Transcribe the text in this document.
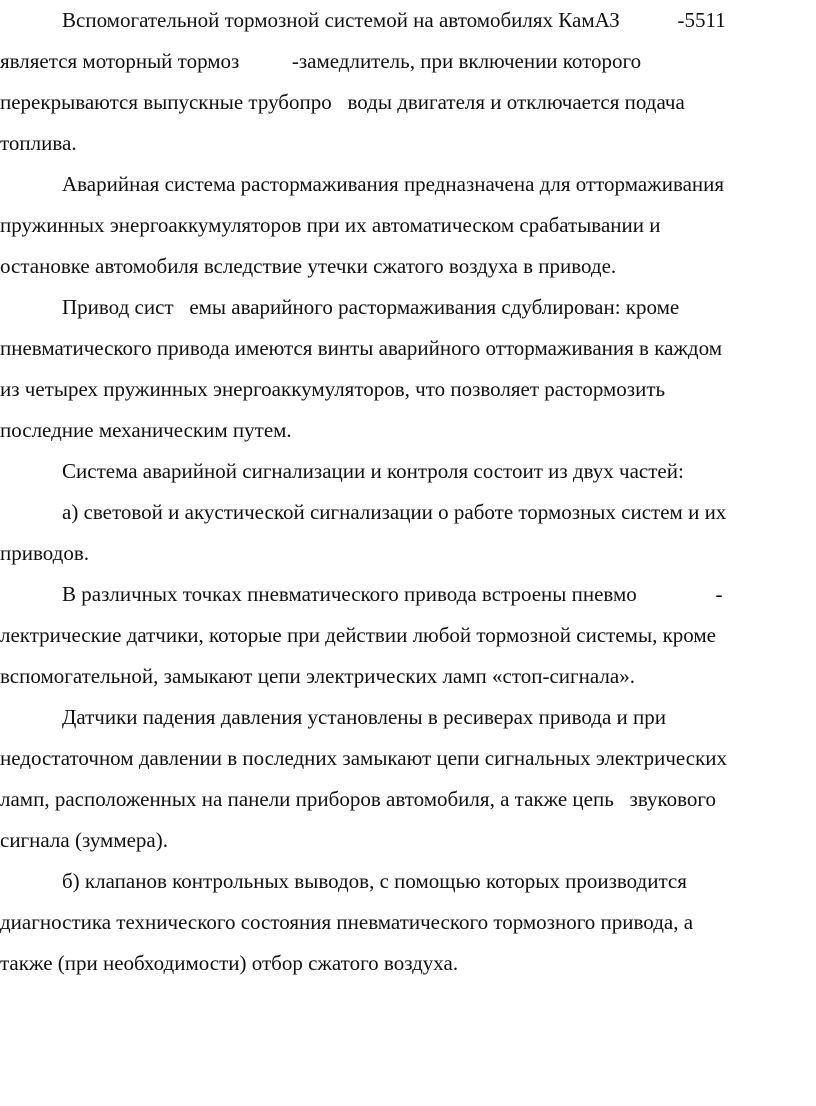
Вспомогательной тормозной системой на автомобилях КамАЗ           -5511
является моторный тормоз          -замедлитель, при включении которого
перекрываются выпускные трубопро   воды двигателя и отключается подача
топлива.
Аварийная система растормаживания предназначена для оттормаживания
пружинных энергоаккумуляторов при их автоматическом срабатывании и
остановке автомобиля вследствие утечки сжатого воздуха в приводе.
Привод сист   емы аварийного растормаживания сдублирован: кроме
пневматического привода имеются винты аварийного оттормаживания в каждом
из четырех пружинных энергоаккумуляторов, что позволяет растормозить
последние механическим путем.
Система аварийной сигнализации и контроля состоит из двух частей:
а) световой и акустической сигнализации о работе тормозных систем и их
приводов.
В различных точках пневматического привода встроены пневмо               -
лектрические датчики, которые при действии любой тормозной системы, кроме
вспомогательной, замыкают цепи электрических ламп «стоп-сигнала».
Датчики падения давления установлены в ресиверах привода и при
недостаточном давлении в последних замыкают цепи сигнальных электрических
ламп, расположенных на панели приборов автомобиля, а также цепь   звукового
сигнала (зуммера).
б) клапанов контрольных выводов, с помощью которых производится
диагностика технического состояния пневматического тормозного привода, а
также (при необходимости) отбор сжатого воздуха.
